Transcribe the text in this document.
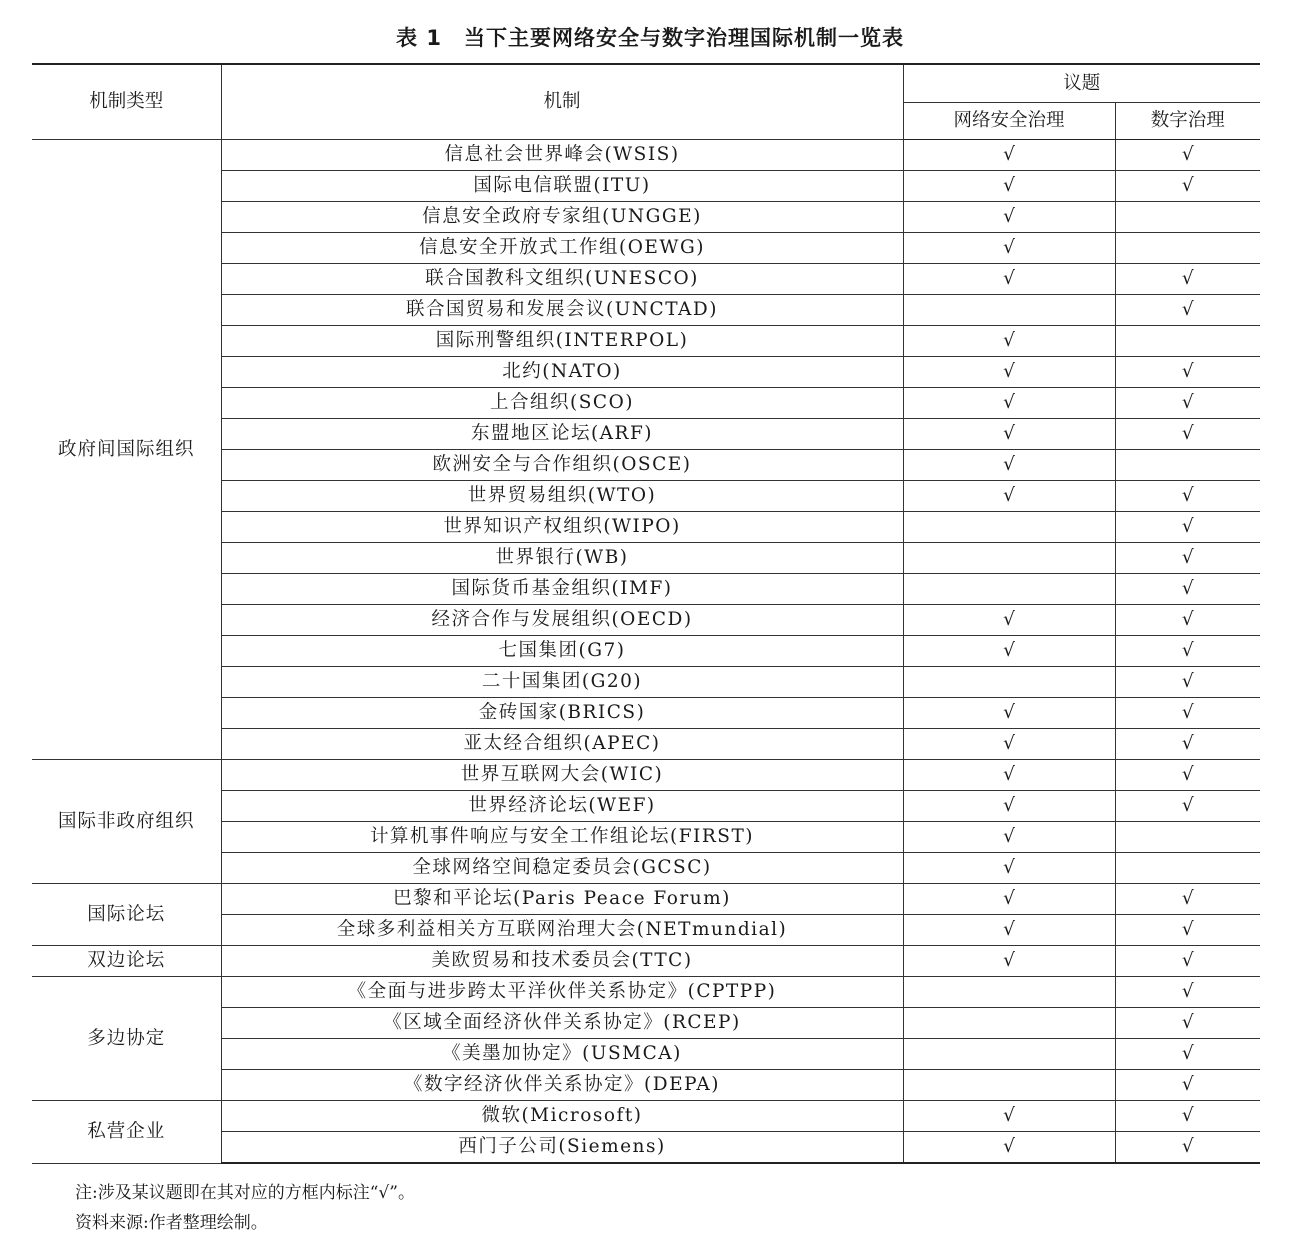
表 1　当下主要网络安全与数字治理国际机制一览表
机制类型	机制	议题	
		网络安全治理	数字治理
政府间国际组织	信息社会世界峰会(WSIS)	√	√
	国际电信联盟(ITU)	√	√
	信息安全政府专家组(UNGGE)	√	
	信息安全开放式工作组(OEWG)	√	
	联合国教科文组织(UNESCO)	√	√
	联合国贸易和发展会议(UNCTAD)		√
	国际刑警组织(INTERPOL)	√	
	北约(NATO)	√	√
	上合组织(SCO)	√	√
	东盟地区论坛(ARF)	√	√
	欧洲安全与合作组织(OSCE)	√	
	世界贸易组织(WTO)	√	√
	世界知识产权组织(WIPO)		√
	世界银行(WB)		√
	国际货币基金组织(IMF)		√
	经济合作与发展组织(OECD)	√	√
	七国集团(G7)	√	√
	二十国集团(G20)		√
	金砖国家(BRICS)	√	√
	亚太经合组织(APEC)	√	√
国际非政府组织	世界互联网大会(WIC)	√	√
	世界经济论坛(WEF)	√	√
	计算机事件响应与安全工作组论坛(FIRST)	√	
	全球网络空间稳定委员会(GCSC)	√	
国际论坛	巴黎和平论坛(Paris Peace Forum)	√	√
	全球多利益相关方互联网治理大会(NETmundial)	√	√
双边论坛	美欧贸易和技术委员会(TTC)	√	√
多边协定	《全面与进步跨太平洋伙伴关系协定》(CPTPP)		√
	《区域全面经济伙伴关系协定》(RCEP)		√
	《美墨加协定》(USMCA)		√
	《数字经济伙伴关系协定》(DEPA)		√
私营企业	微软(Microsoft)	√	√
	西门子公司(Siemens)	√	√
注:涉及某议题即在其对应的方框内标注“√”。
资料来源:作者整理绘制。
